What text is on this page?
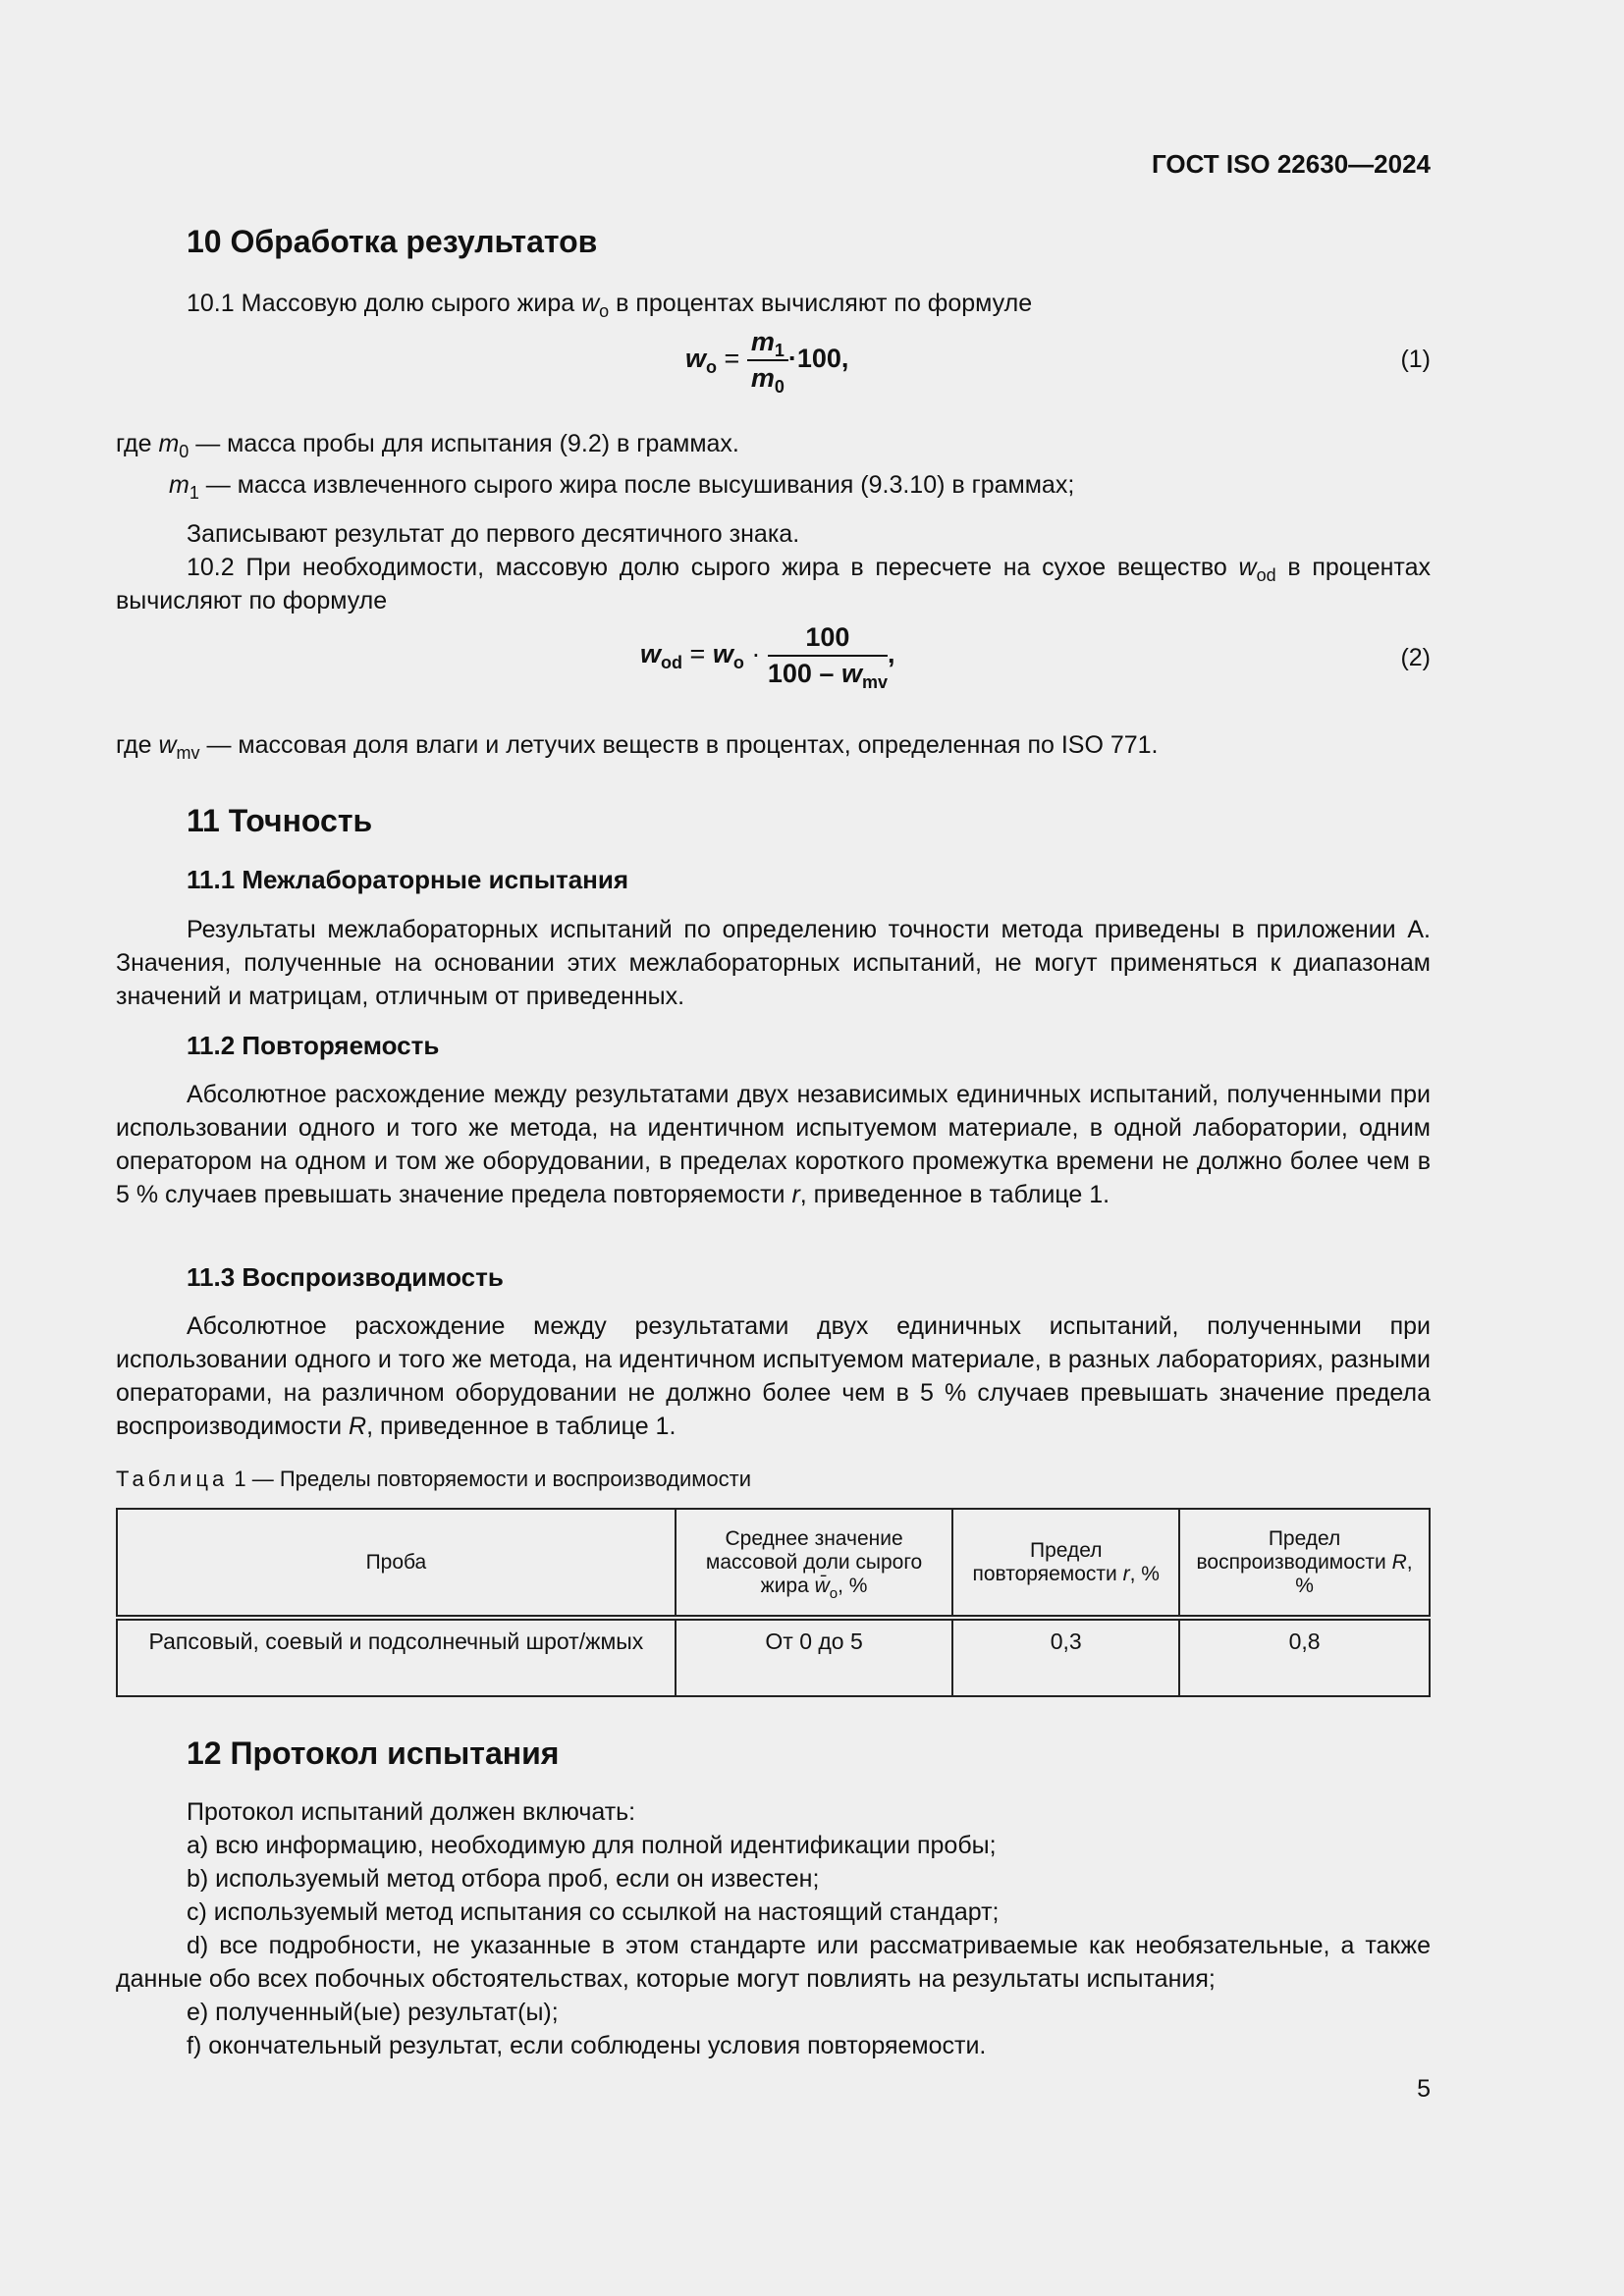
ГОСТ ISO 22630—2024
10 Обработка результатов
10.1 Массовую долю сырого жира $w_o$ в процентах вычисляют по формуле
$w_o = \frac{m_1}{m_0} \cdot 100$,	(1)
где $m_0$ — масса пробы для испытания (9.2) в граммах.
$m_1$ — масса извлеченного сырого жира после высушивания (9.3.10) в граммах;
Записывают результат до первого десятичного знака.
10.2 При необходимости, массовую долю сырого жира в пересчете на сухое вещество $w_{od}$ в процентах вычисляют по формуле
$w_{od} = w_o \cdot \frac{100}{100 - w_{mv}}$ ,	(2)
где $w_{mv}$ — массовая доля влаги и летучих веществ в процентах, определенная по ISO 771.
11 Точность
11.1 Межлабораторные испытания
Результаты межлабораторных испытаний по определению точности метода приведены в приложении А. Значения, полученные на основании этих межлабораторных испытаний, не могут применяться к диапазонам значений и матрицам, отличным от приведенных.
11.2 Повторяемость
Абсолютное расхождение между результатами двух независимых единичных испытаний, полученными при использовании одного и того же метода, на идентичном испытуемом материале, в одной лаборатории, одним оператором на одном и том же оборудовании, в пределах короткого промежутка времени не должно более чем в 5 % случаев превышать значение предела повторяемости r, приведенное в таблице 1.
11.3 Воспроизводимость
Абсолютное расхождение между результатами двух единичных испытаний, полученными при использовании одного и того же метода, на идентичном испытуемом материале, в разных лабораториях, разными операторами, на различном оборудовании не должно более чем в 5 % случаев превышать значение предела воспроизводимости R, приведенное в таблице 1.
Таблица 1 — Пределы повторяемости и воспроизводимости
Проба	Среднее значение массовой доли сырого жира $w̄_o$, %	Предел повторяемости r, %	Предел воспроизводимости R, %
Рапсовый, соевый и подсолнечный шрот/жмых	От 0 до 5	0,3	0,8
12 Протокол испытания
Протокол испытаний должен включать:
a) всю информацию, необходимую для полной идентификации пробы;
b) используемый метод отбора проб, если он известен;
c) используемый метод испытания со ссылкой на настоящий стандарт;
d) все подробности, не указанные в этом стандарте или рассматриваемые как необязательные, а также данные обо всех побочных обстоятельствах, которые могут повлиять на результаты испытания;
e) полученный(ые) результат(ы);
f) окончательный результат, если соблюдены условия повторяемости.
5
